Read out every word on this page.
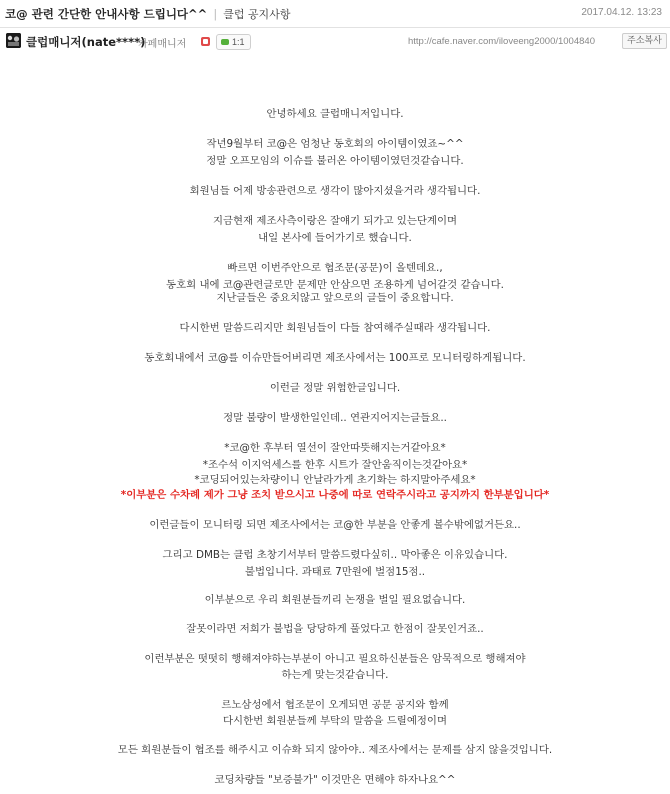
코@ 관련 간단한 안내사항 드립니다^^ | 클럽 공지사항	2017.04.12. 13:23
클럽매니저(nate****)
카페매니저	1:1	http://cafe.naver.com/iloveeng2000/1004840	주소복사
안녕하세요 클럽매니저입니다.
작년9월부터 코@은 엄청난 동호회의 아이템이였죠~^^
정말 오프모임의 이슈를 불러온 아이템이였던것같습니다.
회원님들 어제 방송관련으로 생각이 많아지셨을거라 생각됩니다.
지금현재 제조사측이랑은 잘얘기 되가고 있는단계이며
내일 본사에 들어가기로 했습니다.
빠르면 이번주안으로 협조문(공문)이 올텐데요.,
동호회 내에 코@관련글로만 문제만 안삼으면 조용하게 넘어갈것 같습니다.
지난글들은 중요치않고 앞으로의 글들이 중요합니다.
다시한번 말씀드리지만 회원님들이 다들 참여해주실때라 생각됩니다.
동호회내에서 코@를 이슈만들어버리면 제조사에서는 100프로 모니터링하게됩니다.
이런글 정말 위험한글입니다.
정말 불량이 발생한일인데.. 연관지어지는글들요..
*코@한 후부터 열선이 잘안따뜻해지는거같아요*
*조수석 이지억세스를 한후 시트가 잘안움직이는것같아요*
*코딩되어있는차량이니 안날라가게 초기화는 하지말아주세요*
*이부분은 수차례 제가 그냥 조치 받으시고 나중에 따로 연락주시라고 공지까지 한부분입니다*
이런글들이 모니터링 되면 제조사에서는 코@한 부분을 안좋게 볼수밖에없거든요..
그리고 DMB는 클럽 초창기서부터 말씀드렸다싶히.. 막아좋은 이유있습니다.
불법입니다. 과태료 7만원에 벌점15점..
이부분으로 우리 회원분들끼리 논쟁을 벌일 필요없습니다.
잘못이라면 저희가 불법을 당당하게 풀었다고 한점이 잘못인거죠..
이런부분은 떳떳히 행해져야하는부분이 아니고 필요하신분들은 암묵적으로 행해져야
하는게 맞는것같습니다.
르노삼성에서 협조문이 오게되면 공문 공지와 함께
다시한번 회원분들께 부탁의 말씀을 드릴예정이며
모든 회원분들이 협조를 해주시고 이슈화 되지 않아야.. 제조사에서는 문제를 삼지 않을것입니다.
코딩차량들 "보증불가" 이것만은 면해야 하자나요^^
